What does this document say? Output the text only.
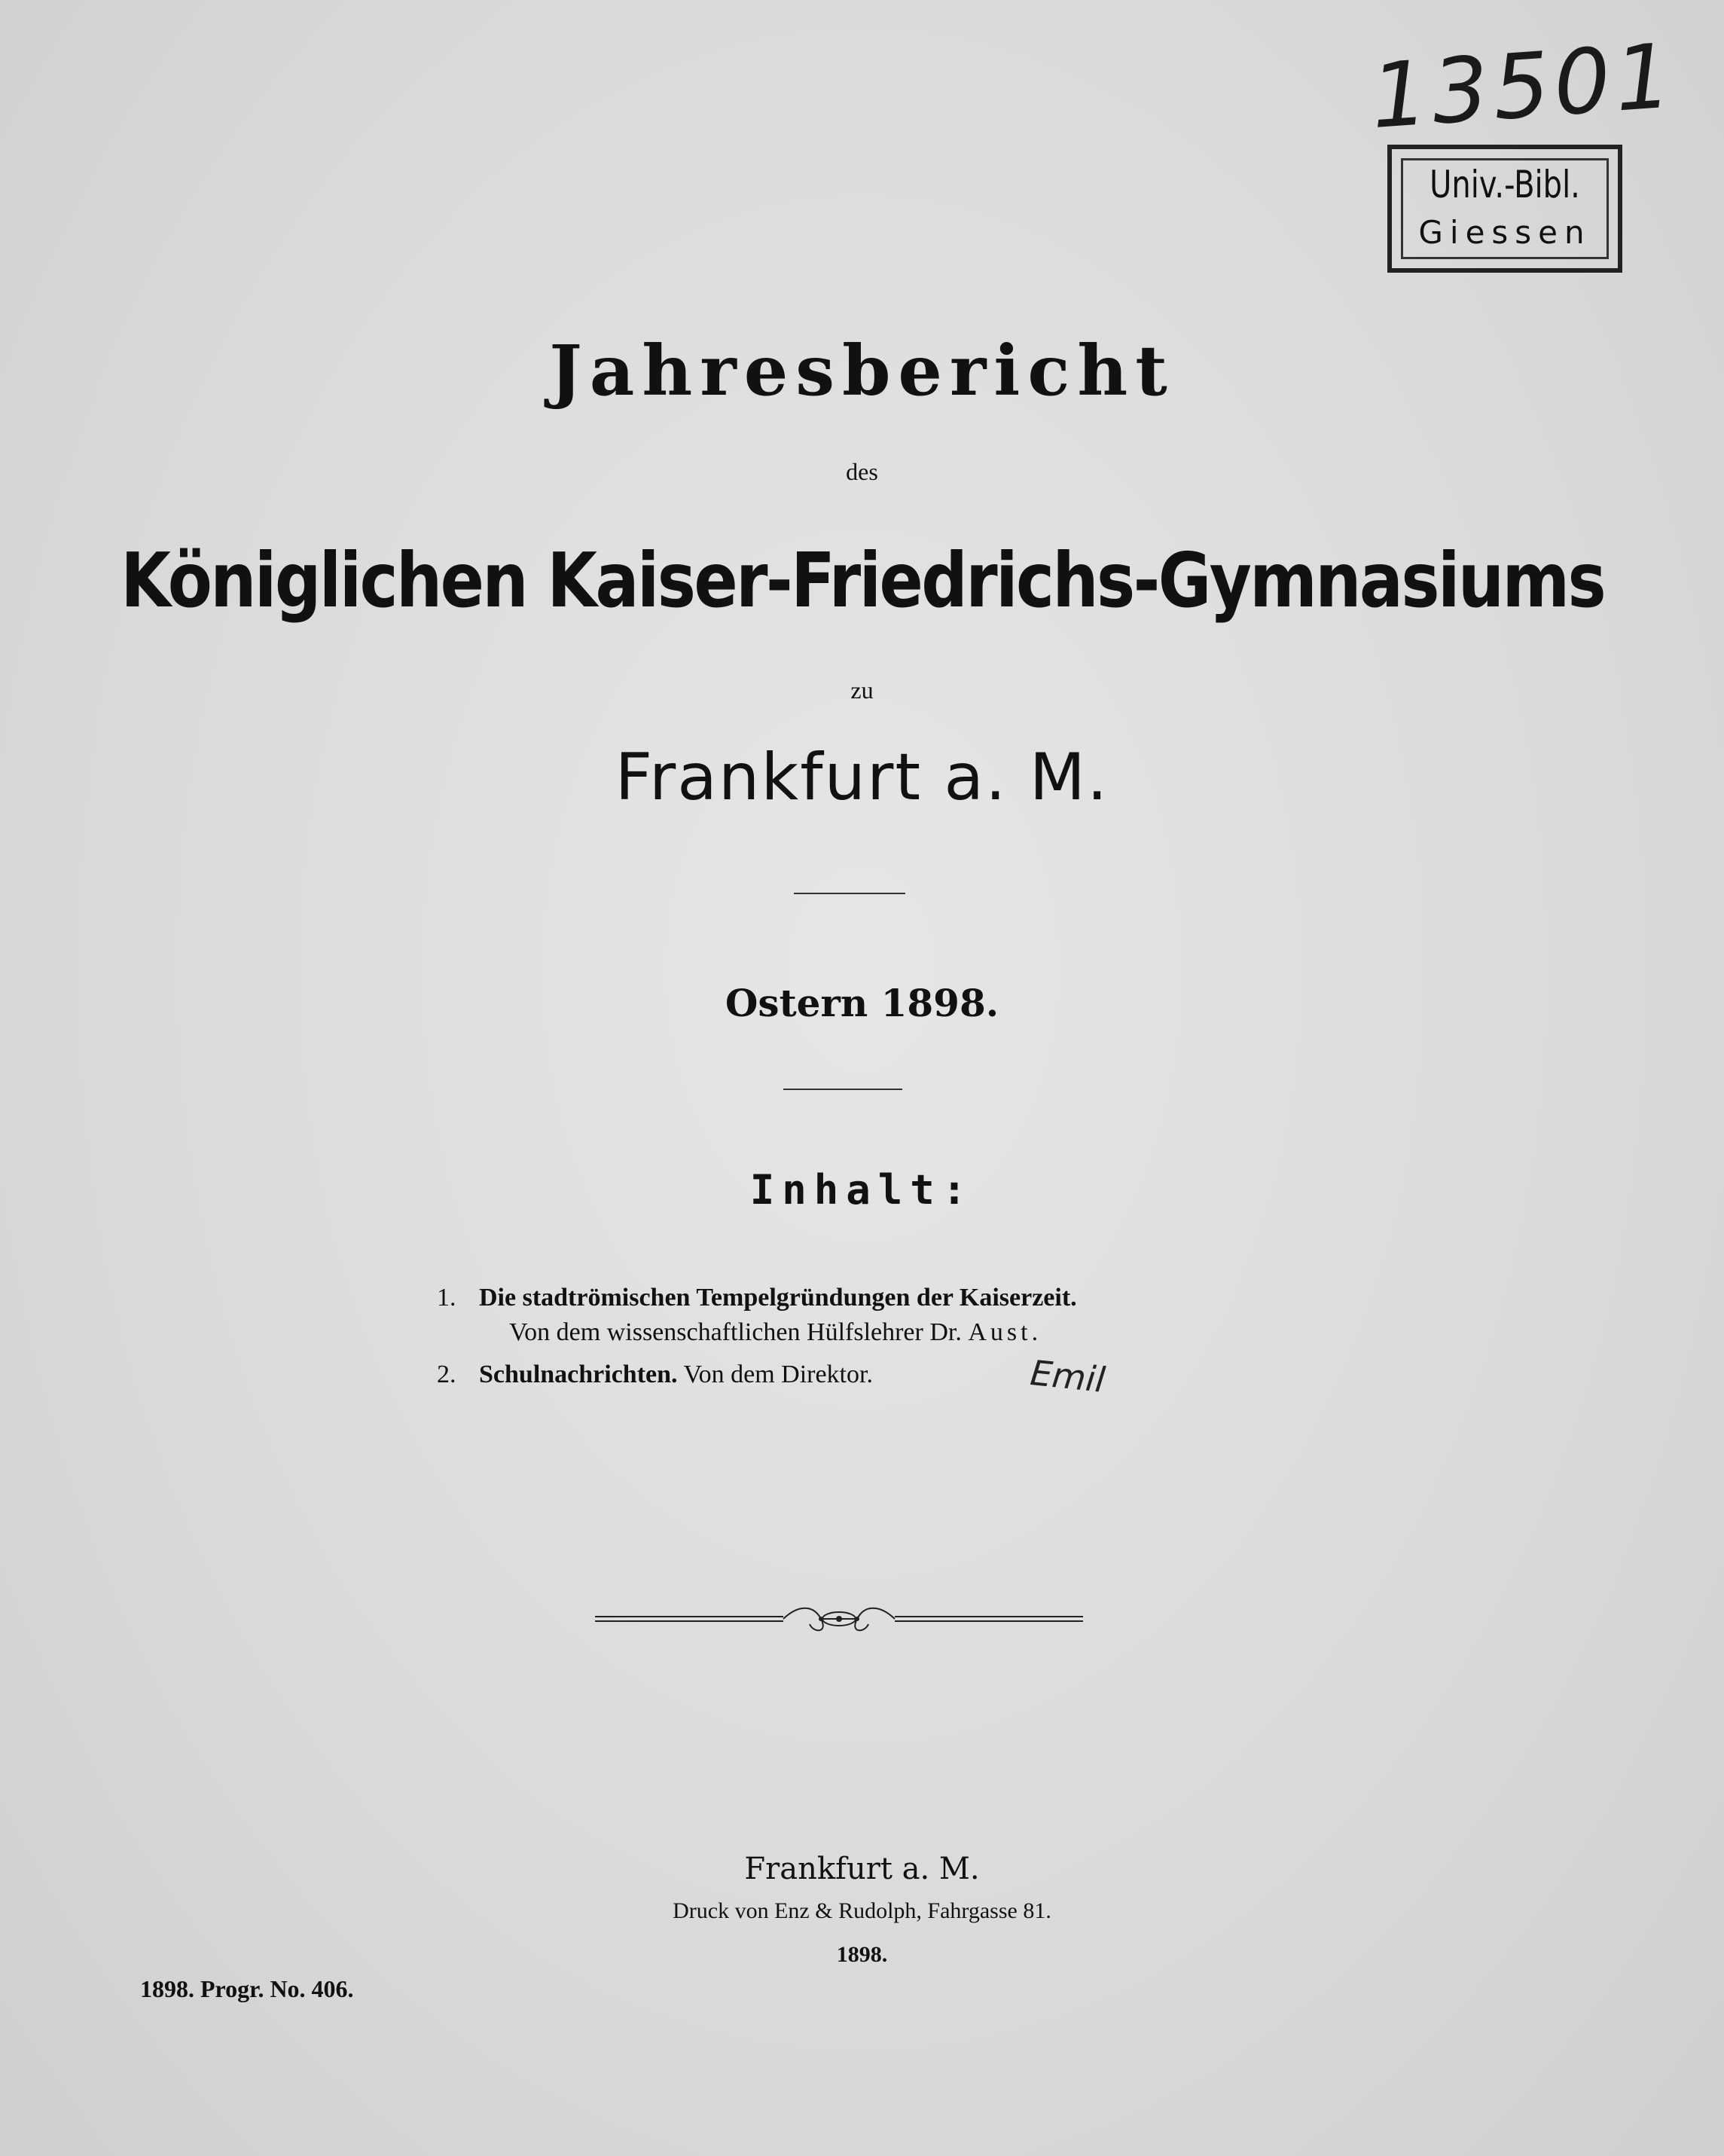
13501
Univ.-Bibl.
Giessen
Jahresbericht
des
Königlichen Kaiser-Friedrichs-Gymnasiums
zu
Frankfurt a. M.
Ostern 1898.
Inhalt:
1. Die stadtrömischen Tempelgründungen der Kaiserzeit.
Von dem wissenschaftlichen Hülfslehrer Dr. Aust.
2. Schulnachrichten. Von dem Direktor.	Emil
Frankfurt a. M.
Druck von Enz & Rudolph, Fahrgasse 81.
1898.
1898. Progr. No. 406.
